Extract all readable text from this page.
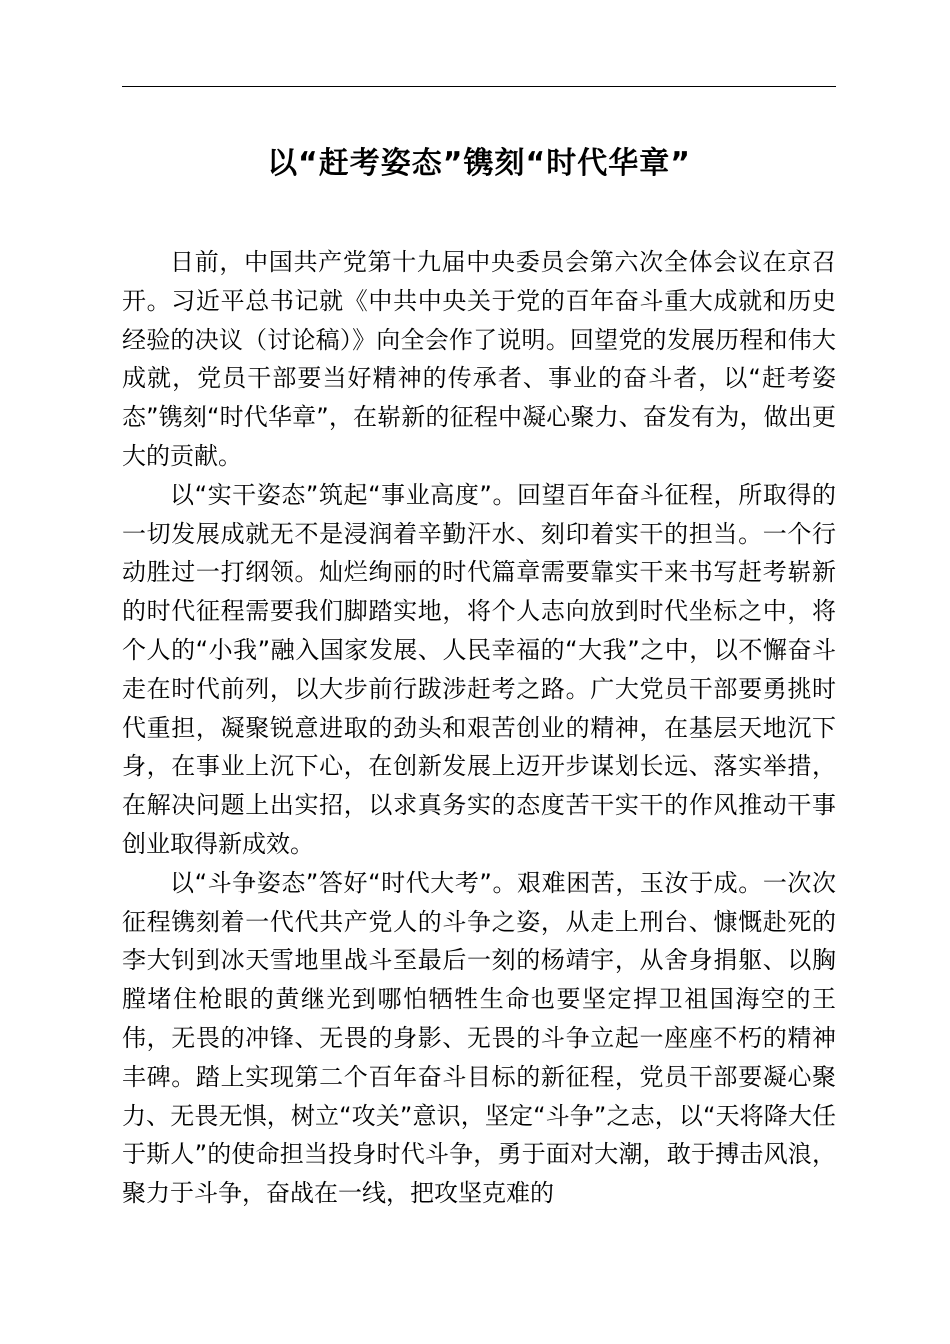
以“赶考姿态”镌刻“时代华章”

日前，中国共产党第十九届中央委员会第六次全体会议在京召开。习近平总书记就《中共中央关于党的百年奋斗重大成就和历史经验的决议（讨论稿）》向全会作了说明。回望党的发展历程和伟大成就，党员干部要当好精神的传承者、事业的奋斗者，以“赶考姿态”镌刻“时代华章”，在崭新的征程中凝心聚力、奋发有为，做出更大的贡献。

以“实干姿态”筑起“事业高度”。回望百年奋斗征程，所取得的一切发展成就无不是浸润着辛勤汗水、刻印着实干的担当。一个行动胜过一打纲领。灿烂绚丽的时代篇章需要靠实干来书写赶考崭新的时代征程需要我们脚踏实地，将个人志向放到时代坐标之中，将个人的“小我”融入国家发展、人民幸福的“大我”之中，以不懈奋斗走在时代前列，以大步前行跋涉赶考之路。广大党员干部要勇挑时代重担，凝聚锐意进取的劲头和艰苦创业的精神，在基层天地沉下身，在事业上沉下心，在创新发展上迈开步谋划长远、落实举措，在解决问题上出实招，以求真务实的态度苦干实干的作风推动干事创业取得新成效。

以“斗争姿态”答好“时代大考”。艰难困苦，玉汝于成。一次次征程镌刻着一代代共产党人的斗争之姿，从走上刑台、慷慨赴死的李大钊到冰天雪地里战斗至最后一刻的杨靖宇，从舍身捐躯、以胸膛堵住枪眼的黄继光到哪怕牺牲生命也要坚定捍卫祖国海空的王伟，无畏的冲锋、无畏的身影、无畏的斗争立起一座座不朽的精神丰碑。踏上实现第二个百年奋斗目标的新征程，党员干部要凝心聚力、无畏无惧，树立“攻关”意识，坚定“斗争”之志，以“天将降大任于斯人”的使命担当投身时代斗争，勇于面对大潮，敢于搏击风浪，聚力于斗争，奋战在一线，把攻坚克难的
